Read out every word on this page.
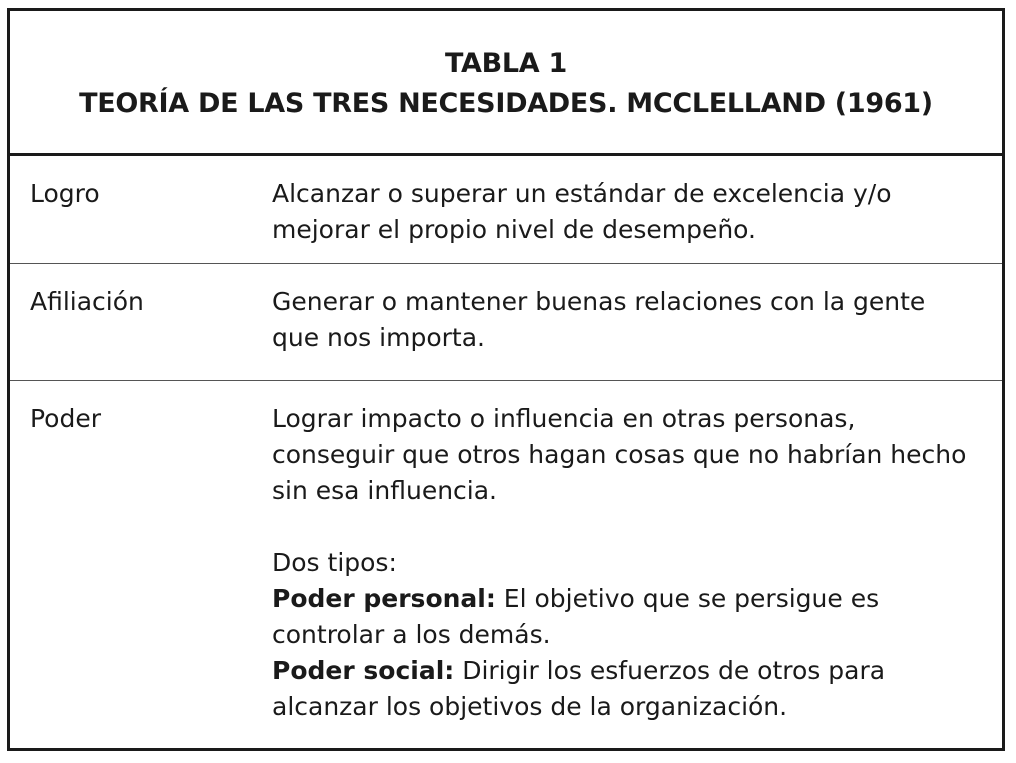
TABLA 1
TEORÍA DE LAS TRES NECESIDADES. MCCLELLAND (1961)
Logro	Alcanzar o superar un estándar de excelencia y/o mejorar el propio nivel de desempeño.

Afiliación	Generar o mantener buenas relaciones con la gente que nos importa.

Poder	Lograr impacto o influencia en otras personas, conseguir que otros hagan cosas que no habrían hecho sin esa influencia.

Dos tipos:

Poder personal: El objetivo que se persigue es controlar a los demás.

Poder social: Dirigir los esfuerzos de otros para alcanzar los objetivos de la organización.
